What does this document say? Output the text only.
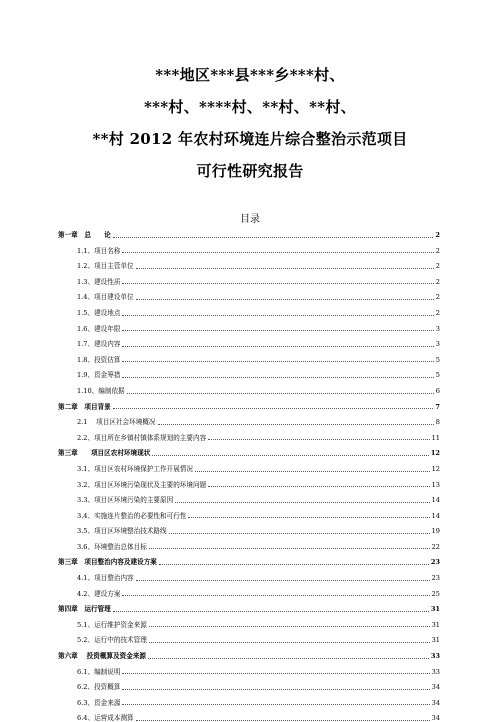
***地区***县***乡***村、
***村、****村、**村、**村、
**村 2012 年农村环境连片综合整治示范项目
可行性研究报告
目录
第一章　总　　论	2
1.1、项目名称	2
1.2、项目主管单位	2
1.3、建设性质	2
1.4、项目建设单位	2
1.5、建设地点	2
1.6、建设年限	3
1.7、建设内容	3
1.8、投资估算	5
1.9、资金筹措	5
1.10、编制依据	6
第二章　项目背景	7
2.1　 项目区社会环境概况	8
2.2、项目所在乡镇村镇体系规划的主要内容	11
第三章　　项目区农村环境现状	12
3.1、项目区农村环境保护工作开展情况	12
3.2、项目区环境污染现状及主要的环境问题	13
3.3、项目区环境污染的主要原因	14
3.4、实施连片整治的必要性和可行性	14
3.5、项目区环境整治技术路线	19
3.6、环境整治总体目标	22
第三章　项目整治内容及建设方案	23
4.1、项目整治内容	23
4.2、建设方案	25
第四章　运行管理	31
5.1、运行维护资金来源	31
5.2、运行中的技术管理	31
第六章　 投资概算及资金来源	33
6.1、编制说明	33
6.2、投资概算	34
6.3、资金来源	34
6.4、运营成本测算	34
